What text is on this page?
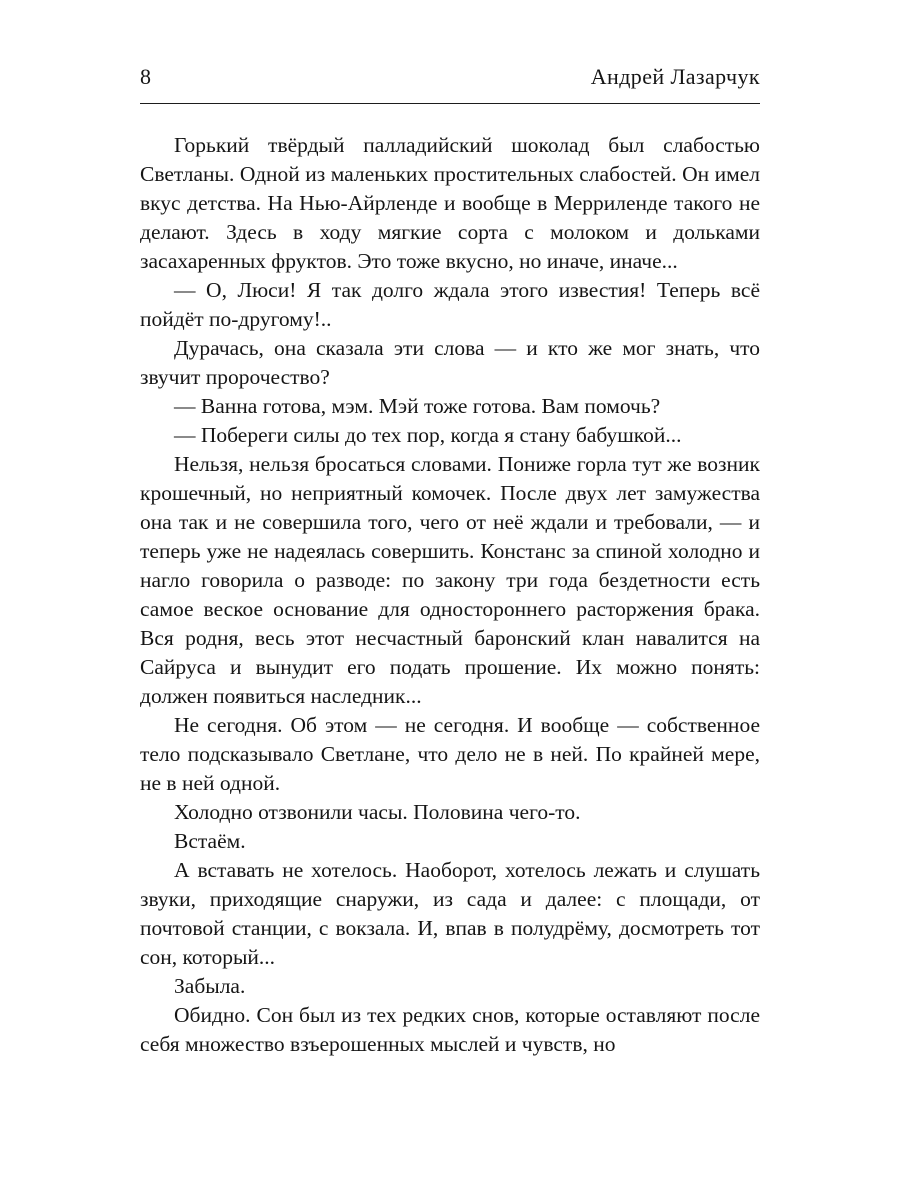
8	Андрей Лазарчук

Горький твёрдый палладийский шоколад был слабостью Светланы. Одной из маленьких простительных слабостей. Он имел вкус детства. На Нью-Айрленде и вообще в Мерриленде такого не делают. Здесь в ходу мягкие сорта с молоком и дольками засахаренных фруктов. Это тоже вкусно, но иначе, иначе...

— О, Люси! Я так долго ждала этого известия! Теперь всё пойдёт по-другому!..

Дурачась, она сказала эти слова — и кто же мог знать, что звучит пророчество?

— Ванна готова, мэм. Мэй тоже готова. Вам помочь?

— Побереги силы до тех пор, когда я стану бабушкой...

Нельзя, нельзя бросаться словами. Пониже горла тут же возник крошечный, но неприятный комочек. После двух лет замужества она так и не совершила того, чего от неё ждали и требовали, — и теперь уже не надеялась совершить. Констанс за спиной холодно и нагло говорила о разводе: по закону три года бездетности есть самое веское основание для одностороннего расторжения брака. Вся родня, весь этот несчастный баронский клан навалится на Сайруса и вынудит его подать прошение. Их можно понять: должен появиться наследник...

Не сегодня. Об этом — не сегодня. И вообще — собственное тело подсказывало Светлане, что дело не в ней. По крайней мере, не в ней одной.

Холодно отзвонили часы. Половина чего-то.

Встаём.

А вставать не хотелось. Наоборот, хотелось лежать и слушать звуки, приходящие снаружи, из сада и далее: с площади, от почтовой станции, с вокзала. И, впав в полудрёму, досмотреть тот сон, который...

Забыла.

Обидно. Сон был из тех редких снов, которые оставляют после себя множество взъерошенных мыслей и чувств, но
